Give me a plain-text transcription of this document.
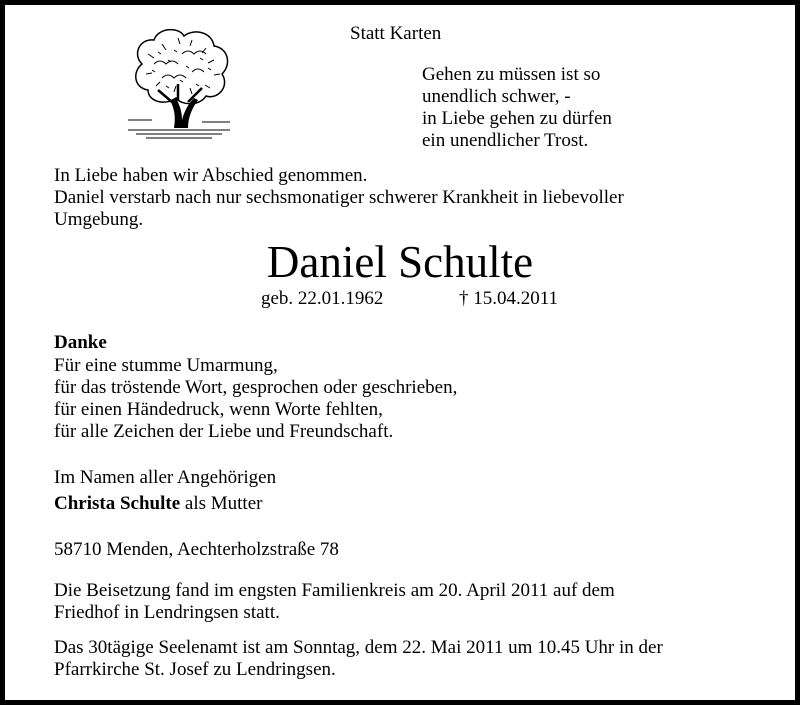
Statt Karten
Gehen zu müssen ist so
unendlich schwer, -
in Liebe gehen zu dürfen
ein unendlicher Trost.
In Liebe haben wir Abschied genommen.
Daniel verstarb nach nur sechsmonatiger schwerer Krankheit in liebevoller
Umgebung.
Daniel Schulte
geb. 22.01.1962	† 15.04.2011
Danke
Für eine stumme Umarmung,
für das tröstende Wort, gesprochen oder geschrieben,
für einen Händedruck, wenn Worte fehlten,
für alle Zeichen der Liebe und Freundschaft.
Im Namen aller Angehörigen
Christa Schulte als Mutter
58710 Menden, Aechterholzstraße 78
Die Beisetzung fand im engsten Familienkreis am 20. April 2011 auf dem
Friedhof in Lendringsen statt.
Das 30tägige Seelenamt ist am Sonntag, dem 22. Mai 2011 um 10.45 Uhr in der
Pfarrkirche St. Josef zu Lendringsen.
